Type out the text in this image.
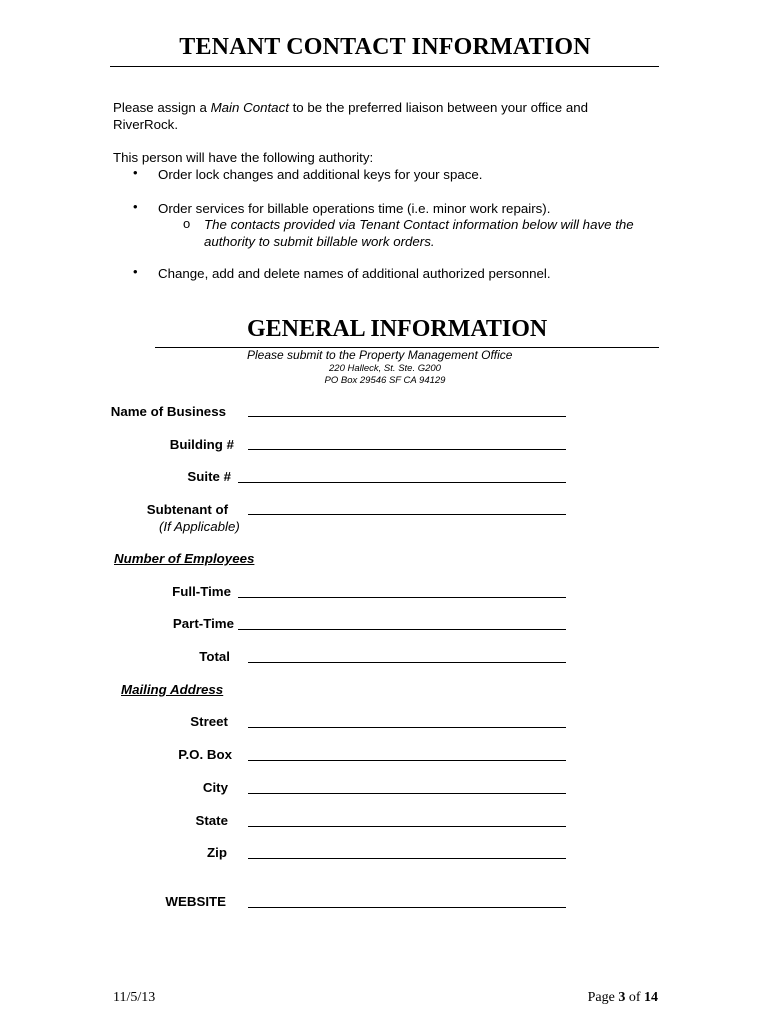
TENANT CONTACT INFORMATION
Please assign a Main Contact to be the preferred liaison between your office and
RiverRock.
This person will have the following authority:
• Order lock changes and additional keys for your space.
• Order services for billable operations time (i.e. minor work repairs).
o The contacts provided via Tenant Contact information below will have the
authority to submit billable work orders.
• Change, add and delete names of additional authorized personnel.
GENERAL INFORMATION
Please submit to the Property Management Office
220 Halleck, St. Ste. G200
PO Box 29546 SF CA 94129
Name of Business
Building #
Suite #
Subtenant of
(If Applicable)
Number of Employees
Full-Time
Part-Time
Total
Mailing Address
Street
P.O. Box
City
State
Zip
WEBSITE
11/5/13	Page 3 of 14
